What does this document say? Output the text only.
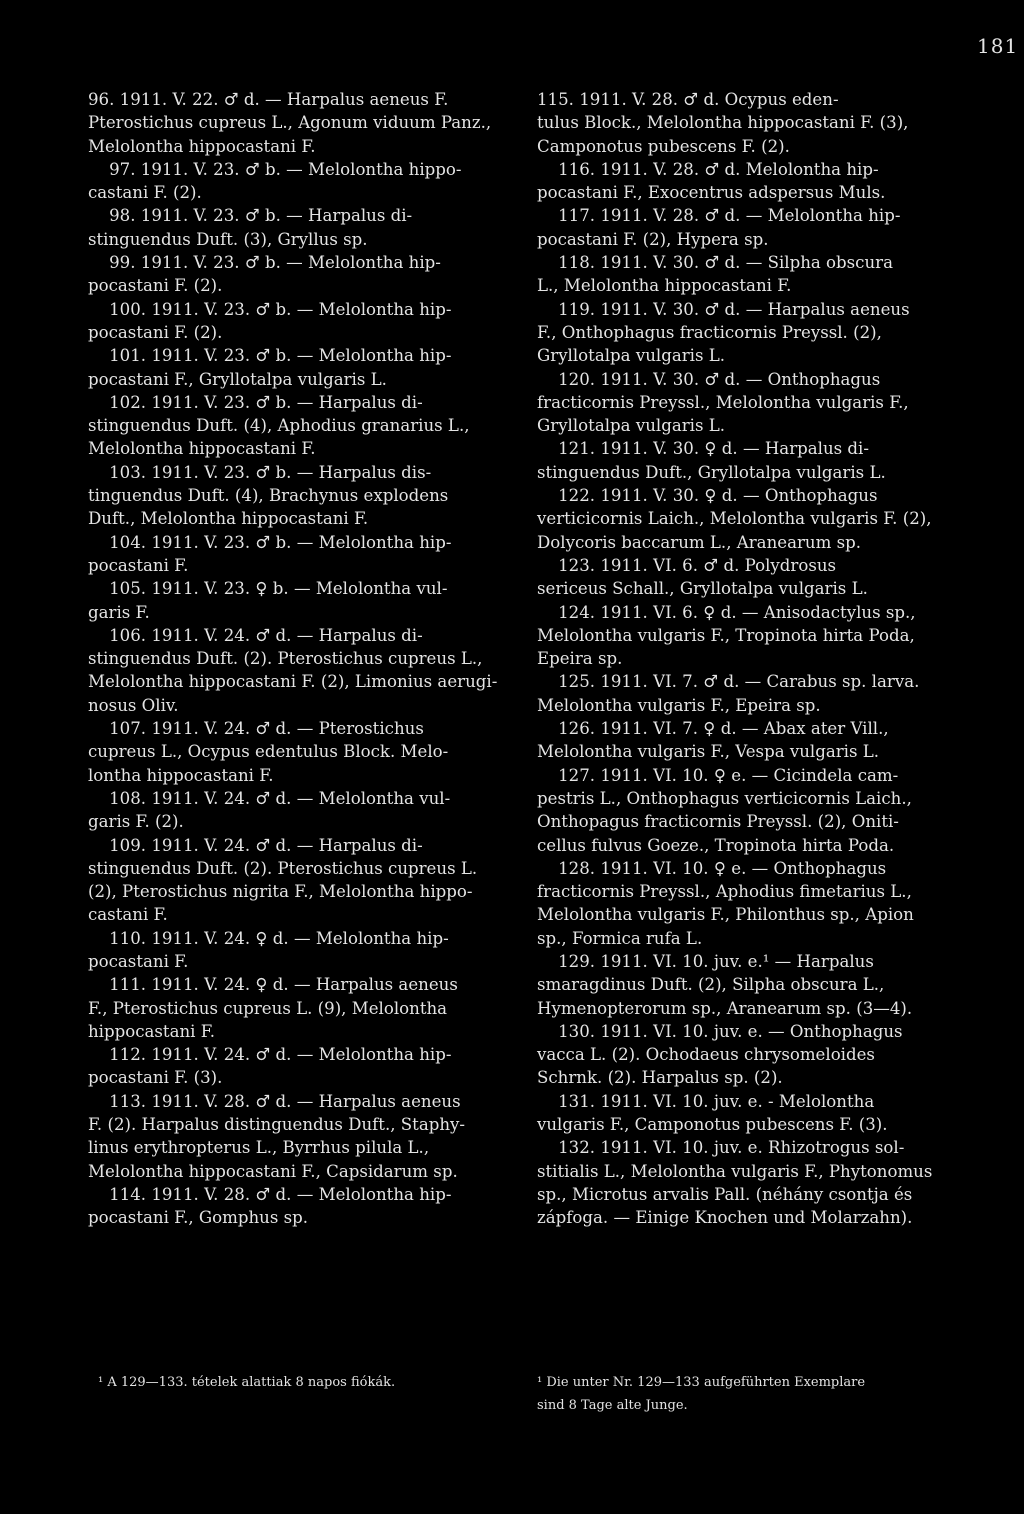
181
96. 1911. V. 22. ♂ d. — Harpalus aeneus F.
Pterostichus cupreus L., Agonum viduum Panz.,
Melolontha hippocastani F.
97. 1911. V. 23. ♂ b. — Melolontha hippo-
castani F. (2).
98. 1911. V. 23. ♂ b. — Harpalus di-
stinguendus Duft. (3), Gryllus sp.
99. 1911. V. 23. ♂ b. — Melolontha hip-
pocastani F. (2).
100. 1911. V. 23. ♂ b. — Melolontha hip-
pocastani F. (2).
101. 1911. V. 23. ♂ b. — Melolontha hip-
pocastani F., Gryllotalpa vulgaris L.
102. 1911. V. 23. ♂ b. — Harpalus di-
stinguendus Duft. (4), Aphodius granarius L.,
Melolontha hippocastani F.
103. 1911. V. 23. ♂ b. — Harpalus dis-
tinguendus Duft. (4), Brachynus explodens
Duft., Melolontha hippocastani F.
104. 1911. V. 23. ♂ b. — Melolontha hip-
pocastani F.
105. 1911. V. 23. ♀ b. — Melolontha vul-
garis F.
106. 1911. V. 24. ♂ d. — Harpalus di-
stinguendus Duft. (2). Pterostichus cupreus L.,
Melolontha hippocastani F. (2), Limonius aerugi-
nosus Oliv.
107. 1911. V. 24. ♂ d. — Pterostichus
cupreus L., Ocypus edentulus Block. Melo-
lontha hippocastani F.
108. 1911. V. 24. ♂ d. — Melolontha vul-
garis F. (2).
109. 1911. V. 24. ♂ d. — Harpalus di-
stinguendus Duft. (2). Pterostichus cupreus L.
(2), Pterostichus nigrita F., Melolontha hippo-
castani F.
110. 1911. V. 24. ♀ d. — Melolontha hip-
pocastani F.
111. 1911. V. 24. ♀ d. — Harpalus aeneus
F., Pterostichus cupreus L. (9), Melolontha
hippocastani F.
112. 1911. V. 24. ♂ d. — Melolontha hip-
pocastani F. (3).
113. 1911. V. 28. ♂ d. — Harpalus aeneus
F. (2). Harpalus distinguendus Duft., Staphy-
linus erythropterus L., Byrrhus pilula L.,
Melolontha hippocastani F., Capsidarum sp.
114. 1911. V. 28. ♂ d. — Melolontha hip-
pocastani F., Gomphus sp.
115. 1911. V. 28. ♂ d. Ocypus eden-
tulus Block., Melolontha hippocastani F. (3),
Camponotus pubescens F. (2).
116. 1911. V. 28. ♂ d. Melolontha hip-
pocastani F., Exocentrus adspersus Muls.
117. 1911. V. 28. ♂ d. — Melolontha hip-
pocastani F. (2), Hypera sp.
118. 1911. V. 30. ♂ d. — Silpha obscura
L., Melolontha hippocastani F.
119. 1911. V. 30. ♂ d. — Harpalus aeneus
F., Onthophagus fracticornis Preyssl. (2),
Gryllotalpa vulgaris L.
120. 1911. V. 30. ♂ d. — Onthophagus
fracticornis Preyssl., Melolontha vulgaris F.,
Gryllotalpa vulgaris L.
121. 1911. V. 30. ♀ d. — Harpalus di-
stinguendus Duft., Gryllotalpa vulgaris L.
122. 1911. V. 30. ♀ d. — Onthophagus
verticicornis Laich., Melolontha vulgaris F. (2),
Dolycoris baccarum L., Aranearum sp.
123. 1911. VI. 6. ♂ d. Polydrosus
sericeus Schall., Gryllotalpa vulgaris L.
124. 1911. VI. 6. ♀ d. — Anisodactylus sp.,
Melolontha vulgaris F., Tropinota hirta Poda,
Epeira sp.
125. 1911. VI. 7. ♂ d. — Carabus sp. larva.
Melolontha vulgaris F., Epeira sp.
126. 1911. VI. 7. ♀ d. — Abax ater Vill.,
Melolontha vulgaris F., Vespa vulgaris L.
127. 1911. VI. 10. ♀ e. — Cicindela cam-
pestris L., Onthophagus verticicornis Laich.,
Onthopagus fracticornis Preyssl. (2), Oniti-
cellus fulvus Goeze., Tropinota hirta Poda.
128. 1911. VI. 10. ♀ e. — Onthophagus
fracticornis Preyssl., Aphodius fimetarius L.,
Melolontha vulgaris F., Philonthus sp., Apion
sp., Formica rufa L.
129. 1911. VI. 10. juv. e.¹ — Harpalus
smaragdinus Duft. (2), Silpha obscura L.,
Hymenopterorum sp., Aranearum sp. (3—4).
130. 1911. VI. 10. juv. e. — Onthophagus
vacca L. (2). Ochodaeus chrysomeloides
Schrnk. (2). Harpalus sp. (2).
131. 1911. VI. 10. juv. e. - Melolontha
vulgaris F., Camponotus pubescens F. (3).
132. 1911. VI. 10. juv. e. Rhizotrogus sol-
stitialis L., Melolontha vulgaris F., Phytonomus
sp., Microtus arvalis Pall. (néhány csontja és
zápfoga. — Einige Knochen und Molarzahn).
¹ A 129—133. tételek alattiak 8 napos fiókák.	¹ Die unter Nr. 129—133 aufgeführten Exemplare
sind 8 Tage alte Junge.
